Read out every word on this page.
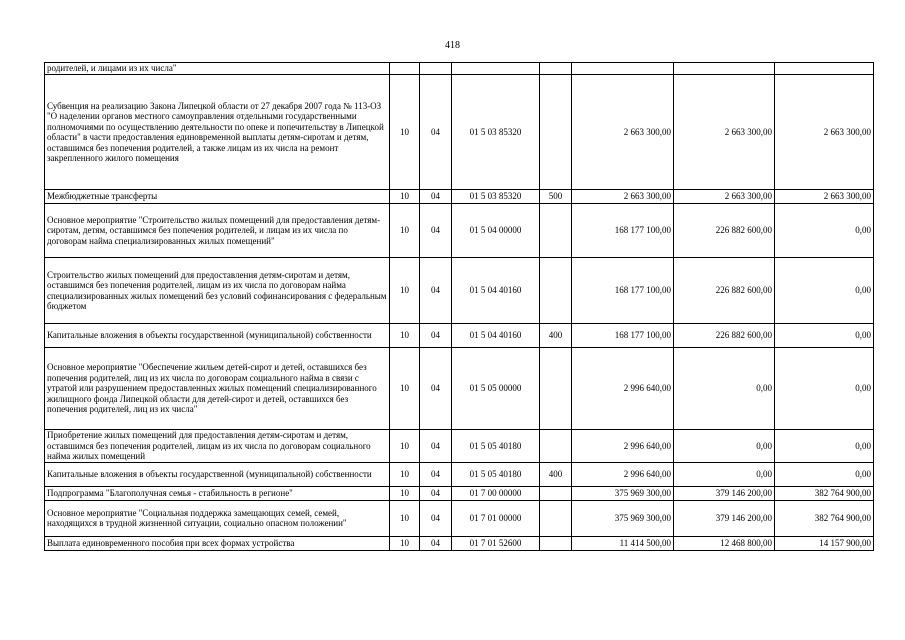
418
родителей, и лицами из их числа"							
Субвенция на реализацию Закона Липецкой области от 27 декабря 2007 года № 113-ОЗ "О наделении органов местного самоуправления отдельными государственными полномочиями по осуществлению деятельности по опеке и попечительству в Липецкой области" в части предоставления единовременной выплаты детям-сиротам и детям, оставшимся без попечения родителей, а также лицам из их числа на ремонт закрепленного жилого помещения	10	04	01 5 03 85320		2 663 300,00	2 663 300,00	2 663 300,00
Межбюджетные трансферты	10	04	01 5 03 85320	500	2 663 300,00	2 663 300,00	2 663 300,00
Основное мероприятие "Строительство жилых помещений для предоставления детям-сиротам, детям, оставшимся без попечения родителей, и лицам из их числа по договорам найма специализированных жилых помещений"	10	04	01 5 04 00000		168 177 100,00	226 882 600,00	0,00
Строительство жилых помещений для предоставления детям-сиротам и детям, оставшимся без попечения родителей, лицам из их числа по договорам найма специализированных жилых помещений без условий софинансирования с федеральным бюджетом	10	04	01 5 04 40160		168 177 100,00	226 882 600,00	0,00
Капитальные вложения в объекты государственной (муниципальной) собственности	10	04	01 5 04 40160	400	168 177 100,00	226 882 600,00	0,00
Основное мероприятие "Обеспечение жильем детей-сирот и детей, оставшихся без попечения родителей, лиц из их числа по договорам социального найма в связи с утратой или разрушением предоставленных жилых помещений специализированного жилищного фонда Липецкой области для детей-сирот и детей, оставшихся без попечения родителей, лиц из их числа"	10	04	01 5 05 00000		2 996 640,00	0,00	0,00
Приобретение жилых помещений для предоставления детям-сиротам и детям, оставшимся без попечения родителей, лицам из их числа по договорам социального найма жилых помещений	10	04	01 5 05 40180		2 996 640,00	0,00	0,00
Капитальные вложения в объекты государственной (муниципальной) собственности	10	04	01 5 05 40180	400	2 996 640,00	0,00	0,00
Подпрограмма "Благополучная семья - стабильность в регионе"	10	04	01 7 00 00000		375 969 300,00	379 146 200,00	382 764 900,00
Основное мероприятие "Социальная поддержка замещающих семей, семей, находящихся в трудной жизненной ситуации, социально опасном положении"	10	04	01 7 01 00000		375 969 300,00	379 146 200,00	382 764 900,00
Выплата единовременного пособия при всех формах устройства	10	04	01 7 01 52600		11 414 500,00	12 468 800,00	14 157 900,00
